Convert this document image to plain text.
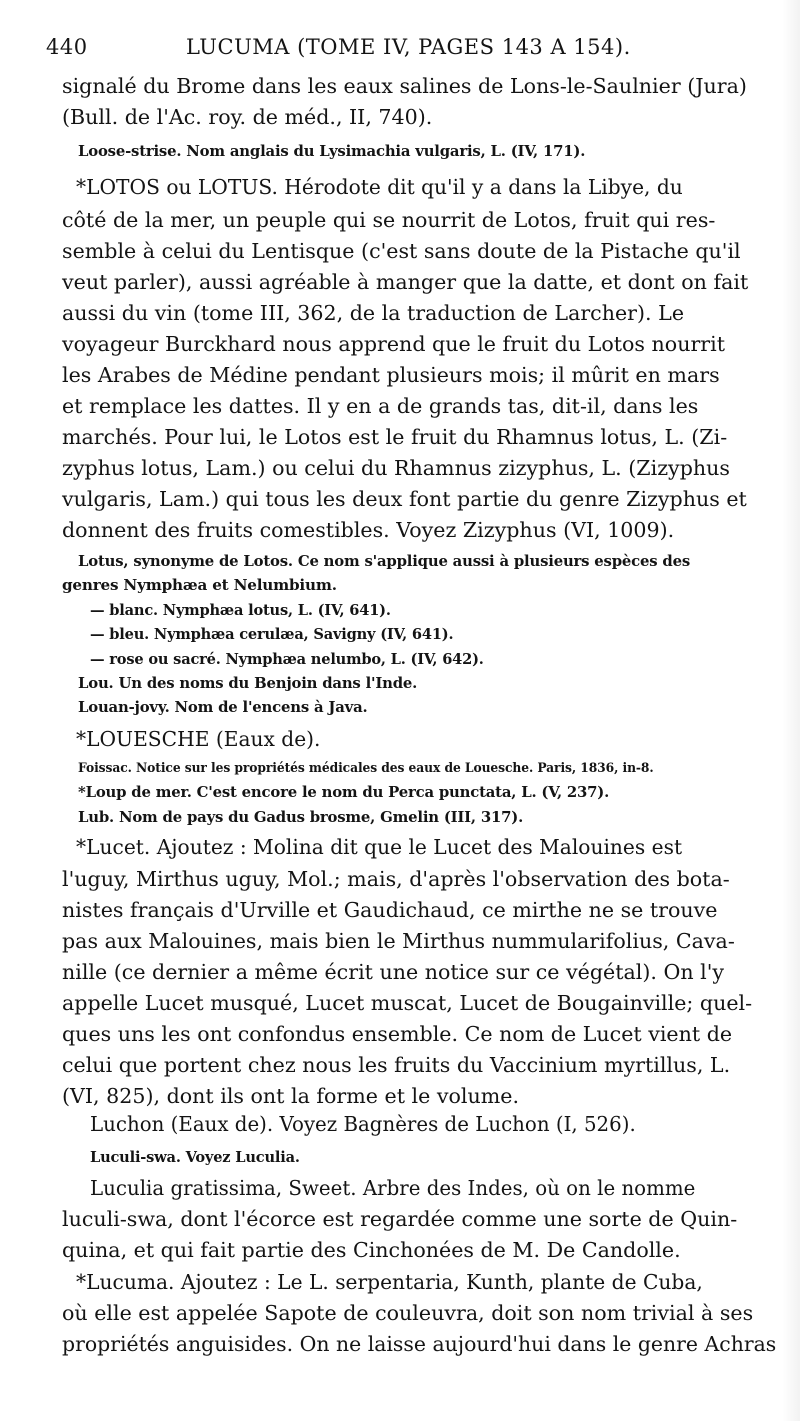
440	LUCUMA (TOME IV, PAGES 143 A 154).
signalé du Brome dans les eaux salines de Lons-le-Saulnier (Jura)
(Bull. de l'Ac. roy. de méd., II, 740).
Loose-strise. Nom anglais du Lysimachia vulgaris, L. (IV, 171).
*LOTOS ou LOTUS. Hérodote dit qu'il y a dans la Libye, du
côté de la mer, un peuple qui se nourrit de Lotos, fruit qui res-
semble à celui du Lentisque (c'est sans doute de la Pistache qu'il
veut parler), aussi agréable à manger que la datte, et dont on fait
aussi du vin (tome III, 362, de la traduction de Larcher). Le
voyageur Burckhard nous apprend que le fruit du Lotos nourrit
les Arabes de Médine pendant plusieurs mois; il mûrit en mars
et remplace les dattes. Il y en a de grands tas, dit-il, dans les
marchés. Pour lui, le Lotos est le fruit du Rhamnus lotus, L. (Zi-
zyphus lotus, Lam.) ou celui du Rhamnus zizyphus, L. (Zizyphus
vulgaris, Lam.) qui tous les deux font partie du genre Zizyphus et
donnent des fruits comestibles. Voyez Zizyphus (VI, 1009).
Lotus, synonyme de Lotos. Ce nom s'applique aussi à plusieurs espèces des
genres Nymphæa et Nelumbium.
— blanc. Nymphæa lotus, L. (IV, 641).
— bleu. Nymphæa cerulæa, Savigny (IV, 641).
— rose ou sacré. Nymphæa nelumbo, L. (IV, 642).
Lou. Un des noms du Benjoin dans l'Inde.
Louan-jovy. Nom de l'encens à Java.
*LOUESCHE (Eaux de).
Foissac. Notice sur les propriétés médicales des eaux de Louesche. Paris, 1836, in-8.
*Loup de mer. C'est encore le nom du Perca punctata, L. (V, 237).
Lub. Nom de pays du Gadus brosme, Gmelin (III, 317).
*Lucet. Ajoutez : Molina dit que le Lucet des Malouines est
l'uguy, Mirthus uguy, Mol.; mais, d'après l'observation des bota-
nistes français d'Urville et Gaudichaud, ce mirthe ne se trouve
pas aux Malouines, mais bien le Mirthus nummularifolius, Cava-
nille (ce dernier a même écrit une notice sur ce végétal). On l'y
appelle Lucet musqué, Lucet muscat, Lucet de Bougainville; quel-
ques uns les ont confondus ensemble. Ce nom de Lucet vient de
celui que portent chez nous les fruits du Vaccinium myrtillus, L.
(VI, 825), dont ils ont la forme et le volume.
Luchon (Eaux de). Voyez Bagnères de Luchon (I, 526).
Luculi-swa. Voyez Luculia.
Luculia gratissima, Sweet. Arbre des Indes, où on le nomme
luculi-swa, dont l'écorce est regardée comme une sorte de Quin-
quina, et qui fait partie des Cinchonées de M. De Candolle.
*Lucuma. Ajoutez : Le L. serpentaria, Kunth, plante de Cuba,
où elle est appelée Sapote de couleuvra, doit son nom trivial à ses
propriétés anguisides. On ne laisse aujourd'hui dans le genre Achras
